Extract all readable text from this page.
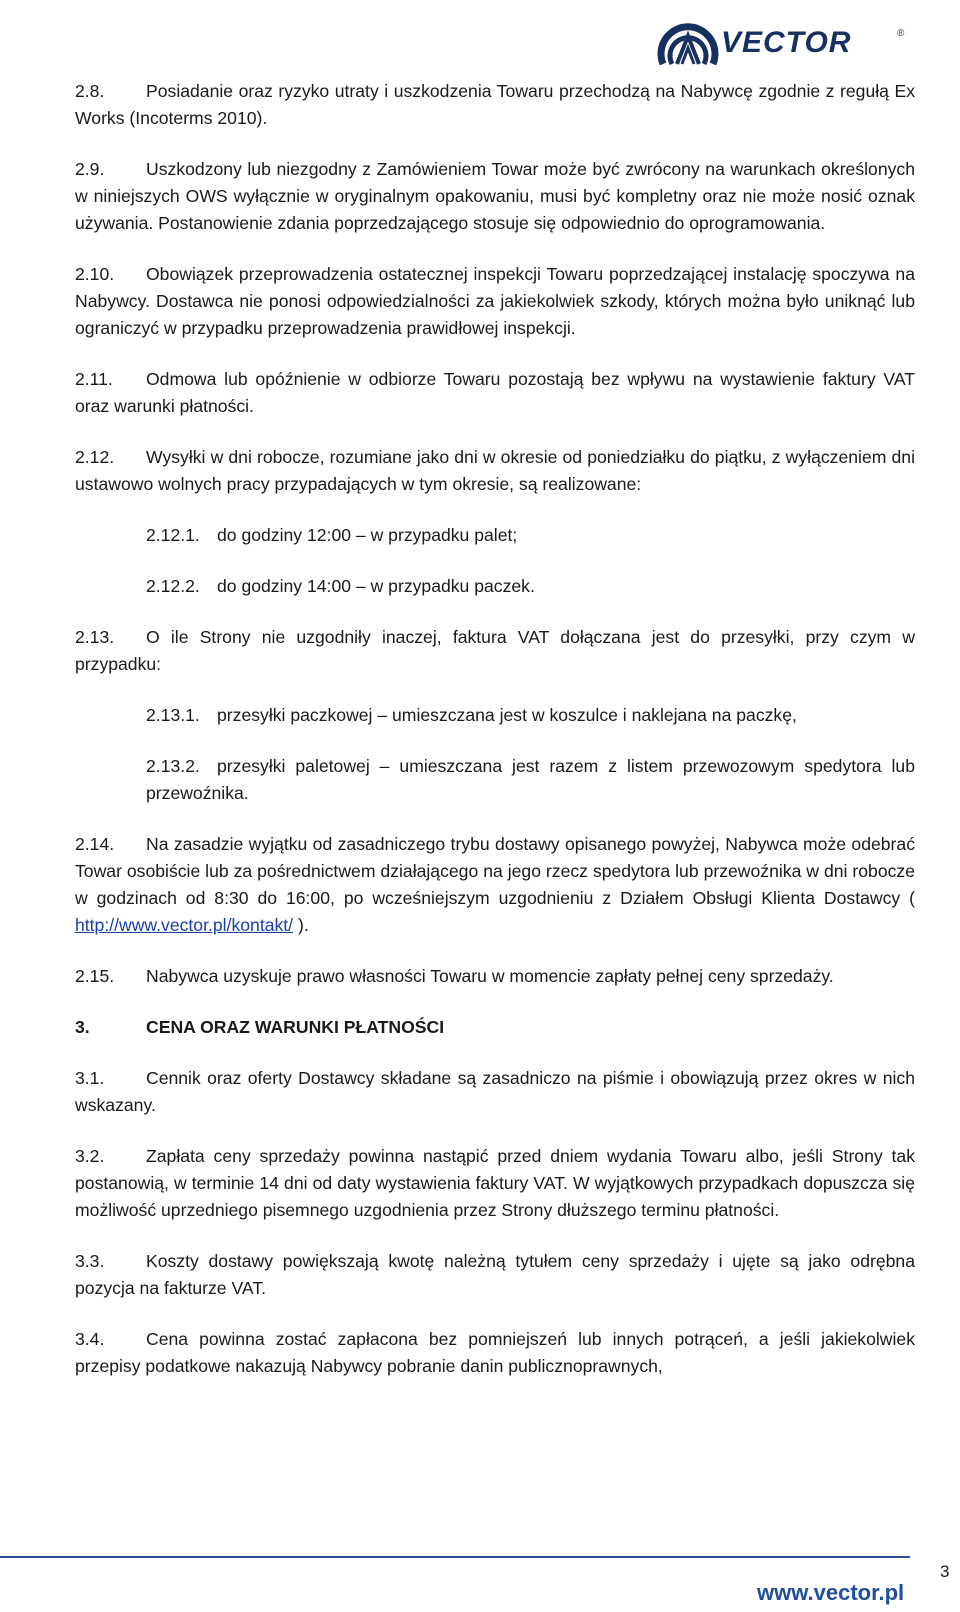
VECTOR	®

2.8. Posiadanie oraz ryzyko utraty i uszkodzenia Towaru przechodzą na Nabywcę zgodnie z regułą Ex Works (Incoterms 2010).

2.9. Uszkodzony lub niezgodny z Zamówieniem Towar może być zwrócony na warunkach określonych w niniejszych OWS wyłącznie w oryginalnym opakowaniu, musi być kompletny oraz nie może nosić oznak używania. Postanowienie zdania poprzedzającego stosuje się odpowiednio do oprogramowania.

2.10. Obowiązek przeprowadzenia ostatecznej inspekcji Towaru poprzedzającej instalację spoczywa na Nabywcy. Dostawca nie ponosi odpowiedzialności za jakiekolwiek szkody, których można było uniknąć lub ograniczyć w przypadku przeprowadzenia prawidłowej inspekcji.

2.11. Odmowa lub opóźnienie w odbiorze Towaru pozostają bez wpływu na wystawienie faktury VAT oraz warunki płatności.

2.12. Wysyłki w dni robocze, rozumiane jako dni w okresie od poniedziałku do piątku, z wyłączeniem dni ustawowo wolnych pracy przypadających w tym okresie, są realizowane:

2.12.1. do godziny 12:00 – w przypadku palet;

2.12.2. do godziny 14:00 – w przypadku paczek.

2.13. O ile Strony nie uzgodniły inaczej, faktura VAT dołączana jest do przesyłki, przy czym w przypadku:

2.13.1. przesyłki paczkowej – umieszczana jest w koszulce i naklejana na paczkę,

2.13.2. przesyłki paletowej – umieszczana jest razem z listem przewozowym spedytora lub przewoźnika.

2.14. Na zasadzie wyjątku od zasadniczego trybu dostawy opisanego powyżej, Nabywca może odebrać Towar osobiście lub za pośrednictwem działającego na jego rzecz spedytora lub przewoźnika w dni robocze w godzinach od 8:30 do 16:00, po wcześniejszym uzgodnieniu z Działem Obsługi Klienta Dostawcy ( http://www.vector.pl/kontakt/ ).

2.15. Nabywca uzyskuje prawo własności Towaru w momencie zapłaty pełnej ceny sprzedaży.

3.	CENA ORAZ WARUNKI PŁATNOŚCI

3.1. Cennik oraz oferty Dostawcy składane są zasadniczo na piśmie i obowiązują przez okres w nich wskazany.

3.2. Zapłata ceny sprzedaży powinna nastąpić przed dniem wydania Towaru albo, jeśli Strony tak postanowią, w terminie 14 dni od daty wystawienia faktury VAT. W wyjątkowych przypadkach dopuszcza się możliwość uprzedniego pisemnego uzgodnienia przez Strony dłuższego terminu płatności.

3.3. Koszty dostawy powiększają kwotę należną tytułem ceny sprzedaży i ujęte są jako odrębna pozycja na fakturze VAT.

3.4. Cena powinna zostać zapłacona bez pomniejszeń lub innych potrąceń, a jeśli jakiekolwiek przepisy podatkowe nakazują Nabywcy pobranie danin publicznoprawnych,

3
www.vector.pl
